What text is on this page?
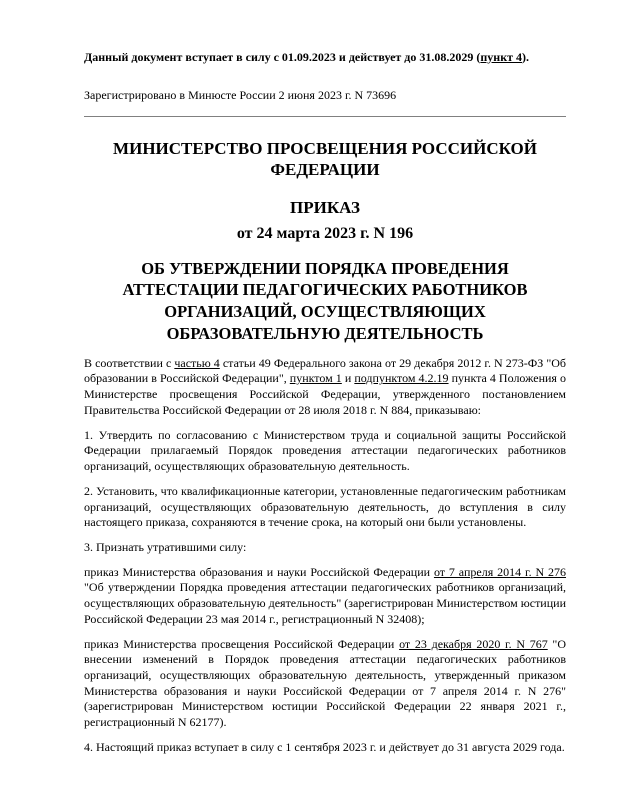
Данный документ вступает в силу с 01.09.2023 и действует до 31.08.2029 (пункт 4).
Зарегистрировано в Минюсте России 2 июня 2023 г. N 73696
МИНИСТЕРСТВО ПРОСВЕЩЕНИЯ РОССИЙСКОЙ ФЕДЕРАЦИИ
ПРИКАЗ
от 24 марта 2023 г. N 196
ОБ УТВЕРЖДЕНИИ ПОРЯДКА ПРОВЕДЕНИЯ АТТЕСТАЦИИ ПЕДАГОГИЧЕСКИХ РАБОТНИКОВ ОРГАНИЗАЦИЙ, ОСУЩЕСТВЛЯЮЩИХ ОБРАЗОВАТЕЛЬНУЮ ДЕЯТЕЛЬНОСТЬ

В соответствии с частью 4 статьи 49 Федерального закона от 29 декабря 2012 г. N 273-ФЗ "Об образовании в Российской Федерации", пунктом 1 и подпунктом 4.2.19 пункта 4 Положения о Министерстве просвещения Российской Федерации, утвержденного постановлением Правительства Российской Федерации от 28 июля 2018 г. N 884, приказываю:

1. Утвердить по согласованию с Министерством труда и социальной защиты Российской Федерации прилагаемый Порядок проведения аттестации педагогических работников организаций, осуществляющих образовательную деятельность.

2. Установить, что квалификационные категории, установленные педагогическим работникам организаций, осуществляющих образовательную деятельность, до вступления в силу настоящего приказа, сохраняются в течение срока, на который они были установлены.

3. Признать утратившими силу:

приказ Министерства образования и науки Российской Федерации от 7 апреля 2014 г. N 276 "Об утверждении Порядка проведения аттестации педагогических работников организаций, осуществляющих образовательную деятельность" (зарегистрирован Министерством юстиции Российской Федерации 23 мая 2014 г., регистрационный N 32408);

приказ Министерства просвещения Российской Федерации от 23 декабря 2020 г. N 767 "О внесении изменений в Порядок проведения аттестации педагогических работников организаций, осуществляющих образовательную деятельность, утвержденный приказом Министерства образования и науки Российской Федерации от 7 апреля 2014 г. N 276" (зарегистрирован Министерством юстиции Российской Федерации 22 января 2021 г., регистрационный N 62177).

4. Настоящий приказ вступает в силу с 1 сентября 2023 г. и действует до 31 августа 2029 года.
